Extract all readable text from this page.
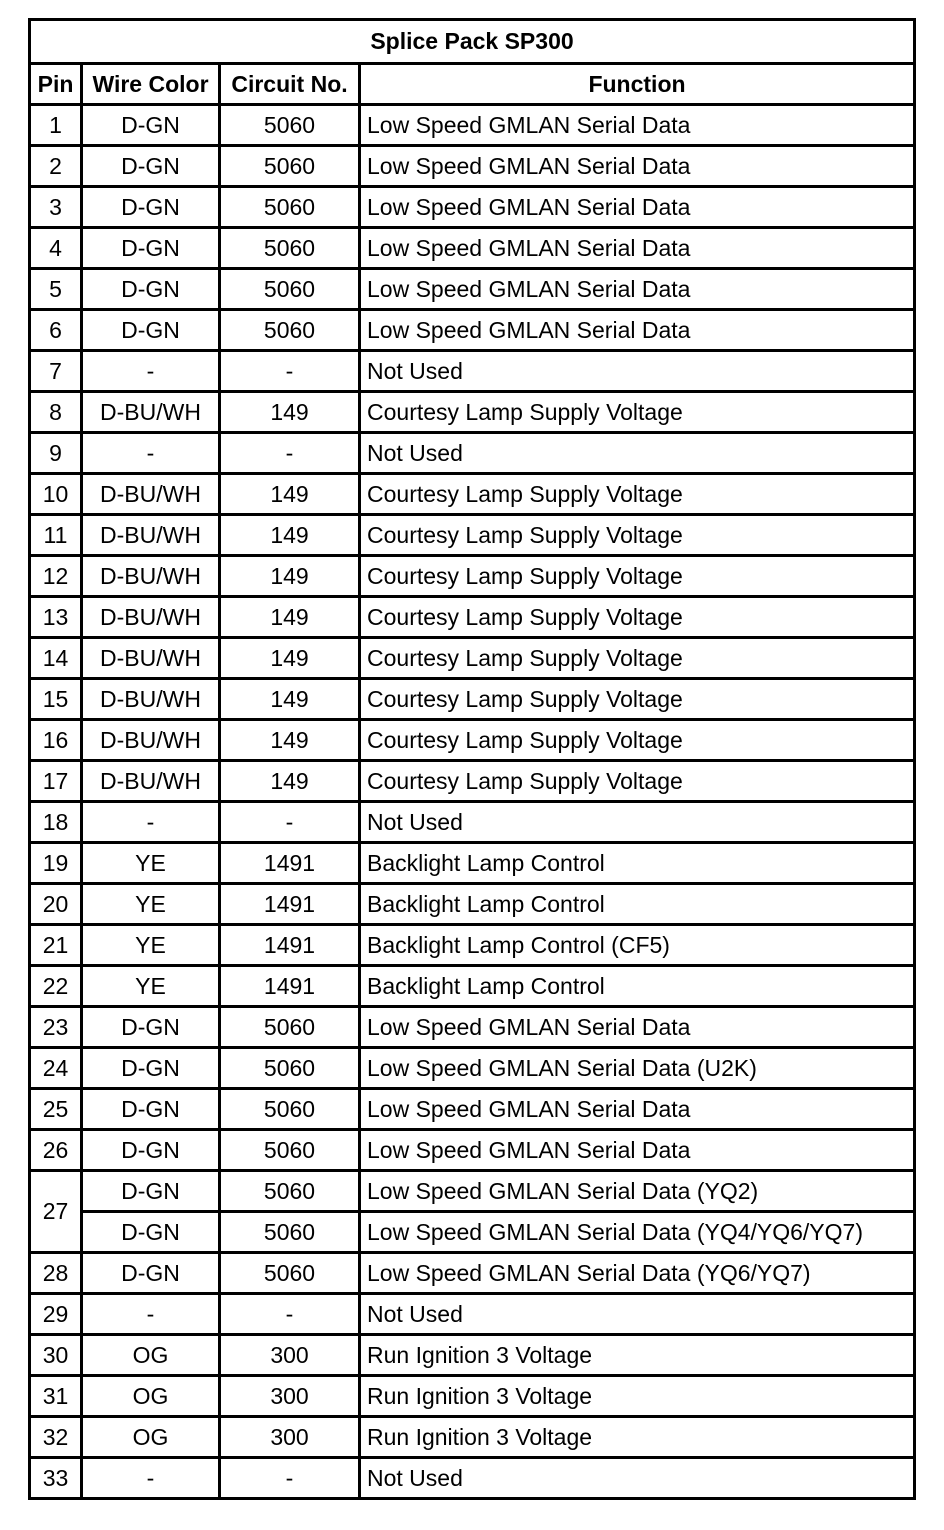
Splice Pack SP300			
Pin	Wire Color	Circuit No.	Function
1	D-GN	5060	Low Speed GMLAN Serial Data
2	D-GN	5060	Low Speed GMLAN Serial Data
3	D-GN	5060	Low Speed GMLAN Serial Data
4	D-GN	5060	Low Speed GMLAN Serial Data
5	D-GN	5060	Low Speed GMLAN Serial Data
6	D-GN	5060	Low Speed GMLAN Serial Data
7	-	-	Not Used
8	D-BU/WH	149	Courtesy Lamp Supply Voltage
9	-	-	Not Used
10	D-BU/WH	149	Courtesy Lamp Supply Voltage
11	D-BU/WH	149	Courtesy Lamp Supply Voltage
12	D-BU/WH	149	Courtesy Lamp Supply Voltage
13	D-BU/WH	149	Courtesy Lamp Supply Voltage
14	D-BU/WH	149	Courtesy Lamp Supply Voltage
15	D-BU/WH	149	Courtesy Lamp Supply Voltage
16	D-BU/WH	149	Courtesy Lamp Supply Voltage
17	D-BU/WH	149	Courtesy Lamp Supply Voltage
18	-	-	Not Used
19	YE	1491	Backlight Lamp Control
20	YE	1491	Backlight Lamp Control
21	YE	1491	Backlight Lamp Control (CF5)
22	YE	1491	Backlight Lamp Control
23	D-GN	5060	Low Speed GMLAN Serial Data
24	D-GN	5060	Low Speed GMLAN Serial Data (U2K)
25	D-GN	5060	Low Speed GMLAN Serial Data
26	D-GN	5060	Low Speed GMLAN Serial Data
27	D-GN	5060	Low Speed GMLAN Serial Data (YQ2)
	D-GN	5060	Low Speed GMLAN Serial Data (YQ4/YQ6/YQ7)
28	D-GN	5060	Low Speed GMLAN Serial Data (YQ6/YQ7)
29	-	-	Not Used
30	OG	300	Run Ignition 3 Voltage
31	OG	300	Run Ignition 3 Voltage
32	OG	300	Run Ignition 3 Voltage
33	-	-	Not Used
